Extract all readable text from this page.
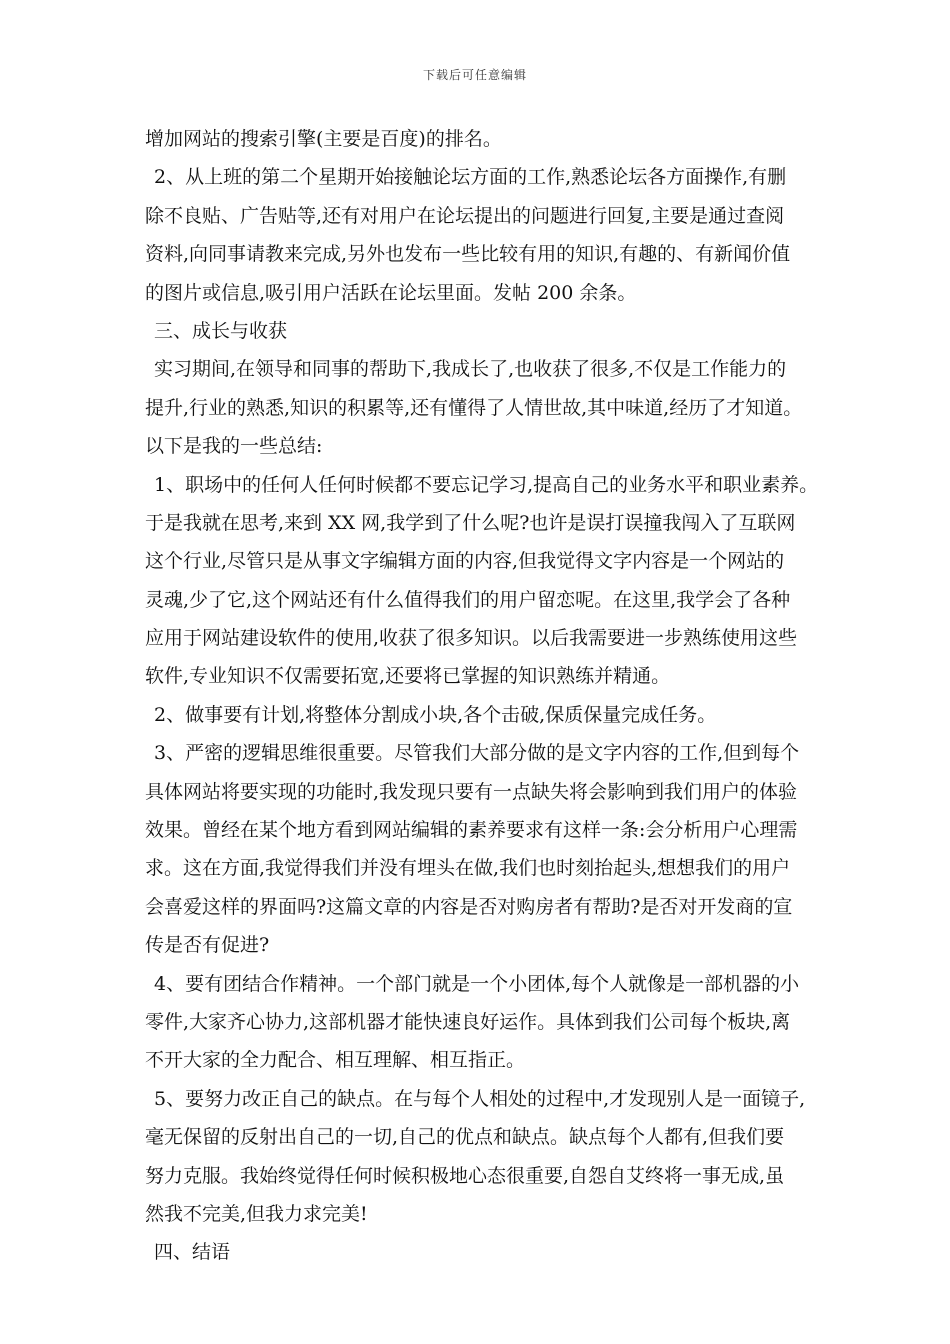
下载后可任意编辑
增加网站的搜索引擎(主要是百度)的排名。
2、从上班的第二个星期开始接触论坛方面的工作,熟悉论坛各方面操作,有删
除不良贴、广告贴等,还有对用户在论坛提出的问题进行回复,主要是通过查阅
资料,向同事请教来完成,另外也发布一些比较有用的知识,有趣的、有新闻价值
的图片或信息,吸引用户活跃在论坛里面。发帖 200 余条。
三、成长与收获
实习期间,在领导和同事的帮助下,我成长了,也收获了很多,不仅是工作能力的
提升,行业的熟悉,知识的积累等,还有懂得了人情世故,其中味道,经历了才知道。
以下是我的一些总结:
1、职场中的任何人任何时候都不要忘记学习,提高自己的业务水平和职业素养。
于是我就在思考,来到 XX 网,我学到了什么呢?也许是误打误撞我闯入了互联网
这个行业,尽管只是从事文字编辑方面的内容,但我觉得文字内容是一个网站的
灵魂,少了它,这个网站还有什么值得我们的用户留恋呢。在这里,我学会了各种
应用于网站建设软件的使用,收获了很多知识。以后我需要进一步熟练使用这些
软件,专业知识不仅需要拓宽,还要将已掌握的知识熟练并精通。
2、做事要有计划,将整体分割成小块,各个击破,保质保量完成任务。
3、严密的逻辑思维很重要。尽管我们大部分做的是文字内容的工作,但到每个
具体网站将要实现的功能时,我发现只要有一点缺失将会影响到我们用户的体验
效果。曾经在某个地方看到网站编辑的素养要求有这样一条:会分析用户心理需
求。这在方面,我觉得我们并没有埋头在做,我们也时刻抬起头,想想我们的用户
会喜爱这样的界面吗?这篇文章的内容是否对购房者有帮助?是否对开发商的宣
传是否有促进?
4、要有团结合作精神。一个部门就是一个小团体,每个人就像是一部机器的小
零件,大家齐心协力,这部机器才能快速良好运作。具体到我们公司每个板块,离
不开大家的全力配合、相互理解、相互指正。
5、要努力改正自己的缺点。在与每个人相处的过程中,才发现别人是一面镜子,
毫无保留的反射出自己的一切,自己的优点和缺点。缺点每个人都有,但我们要
努力克服。我始终觉得任何时候积极地心态很重要,自怨自艾终将一事无成,虽
然我不完美,但我力求完美!
四、结语
